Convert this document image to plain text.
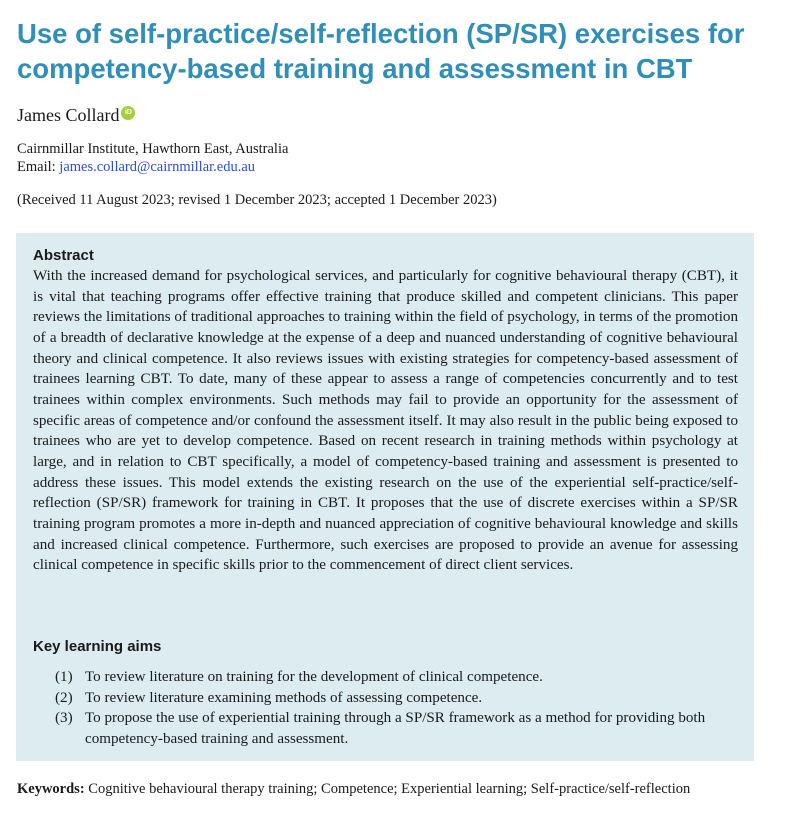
Use of self-practice/self-reflection (SP/SR) exercises for competency-based training and assessment in CBT
James Collard iD
Cairnmillar Institute, Hawthorn East, Australia
Email: james.collard@cairnmillar.edu.au
(Received 11 August 2023; revised 1 December 2023; accepted 1 December 2023)
Abstract

With the increased demand for psychological services, and particularly for cognitive behavioural therapy (CBT), it is vital that teaching programs offer effective training that produce skilled and competent clinicians. This paper reviews the limitations of traditional approaches to training within the field of psychology, in terms of the promotion of a breadth of declarative knowledge at the expense of a deep and nuanced understanding of cognitive behavioural theory and clinical competence. It also reviews issues with existing strategies for competency-based assessment of trainees learning CBT. To date, many of these appear to assess a range of competencies concurrently and to test trainees within complex environments. Such methods may fail to provide an opportunity for the assessment of specific areas of competence and/or confound the assessment itself. It may also result in the public being exposed to trainees who are yet to develop competence. Based on recent research in training methods within psychology at large, and in relation to CBT specifically, a model of competency-based training and assessment is presented to address these issues. This model extends the existing research on the use of the experiential self-practice/self-reflection (SP/SR) framework for training in CBT. It proposes that the use of discrete exercises within a SP/SR training program promotes a more in-depth and nuanced appreciation of cognitive behavioural knowledge and skills and increased clinical competence. Furthermore, such exercises are proposed to provide an avenue for assessing clinical competence in specific skills prior to the commencement of direct client services.

Key learning aims
(1) To review literature on training for the development of clinical competence.
(2) To review literature examining methods of assessing competence.
(3) To propose the use of experiential training through a SP/SR framework as a method for providing both competency-based training and assessment.
Keywords: Cognitive behavioural therapy training; Competence; Experiential learning; Self-practice/self-reflection
